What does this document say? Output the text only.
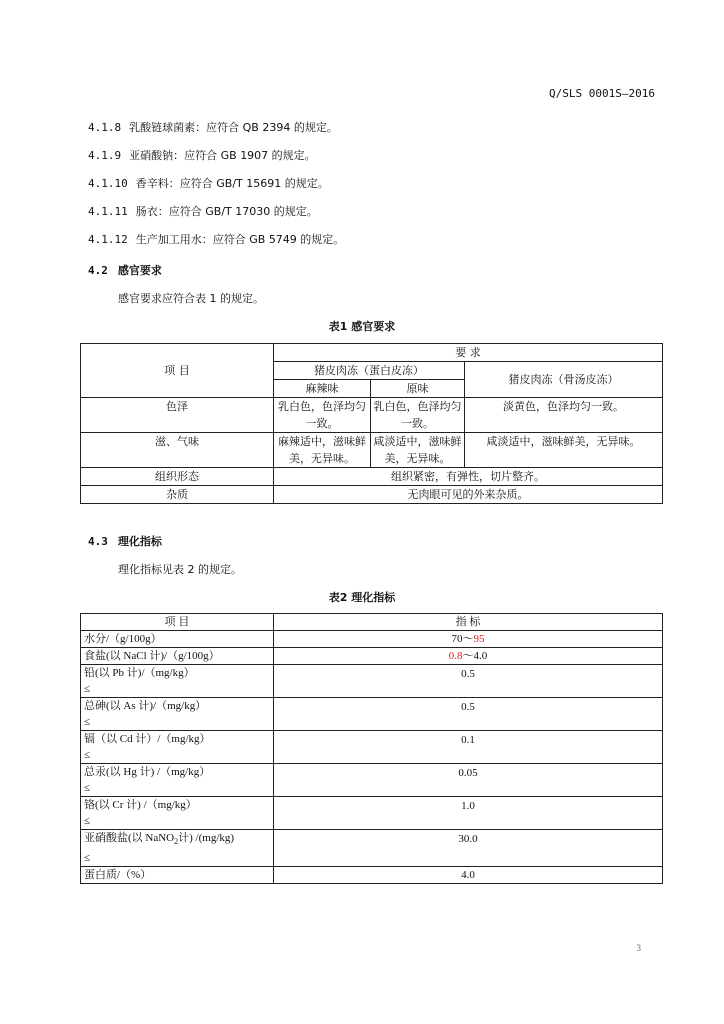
Q/SLS 0001S—2016
4.1.8 乳酸链球菌素：应符合 QB 2394 的规定。
4.1.9 亚硝酸钠：应符合 GB 1907 的规定。
4.1.10 香辛料：应符合 GB/T 15691 的规定。
4.1.11 肠衣：应符合 GB/T 17030 的规定。
4.1.12 生产加工用水：应符合 GB 5749 的规定。
4.2 感官要求
感官要求应符合表 1 的规定。
表1 感官要求
项 目	要 求		
	猪皮肉冻（蛋白皮冻）		猪皮肉冻（骨汤皮冻）
	麻辣味	原味	
色泽	乳白色，色泽均匀一致。	乳白色，色泽均匀一致。	淡黄色，色泽均匀一致。
滋、气味	麻辣适中，滋味鲜美，无异味。	咸淡适中，滋味鲜美，无异味。	咸淡适中，滋味鲜美，无异味。
组织形态	组织紧密，有弹性，切片整齐。		
杂质	无肉眼可见的外来杂质。		
4.3 理化指标
理化指标见表 2 的规定。
表2 理化指标
项 目	指 标
水分/（g/100g）	70～95
食盐(以 NaCl 计)/（g/100g）	0.8～4.0

铅(以 Pb 计)/（mg/kg）
≤	0.5

总砷(以 As 计)/（mg/kg）
≤	0.5

镉（以 Cd 计）/（mg/kg）
≤	0.1

总汞(以 Hg 计) /（mg/kg）
≤	0.05

铬(以 Cr 计) /（mg/kg）
≤	1.0

亚硝酸盐(以 NaNO$_2$计) /(mg/kg)
≤	30.0
蛋白质/（%）	4.0
3
